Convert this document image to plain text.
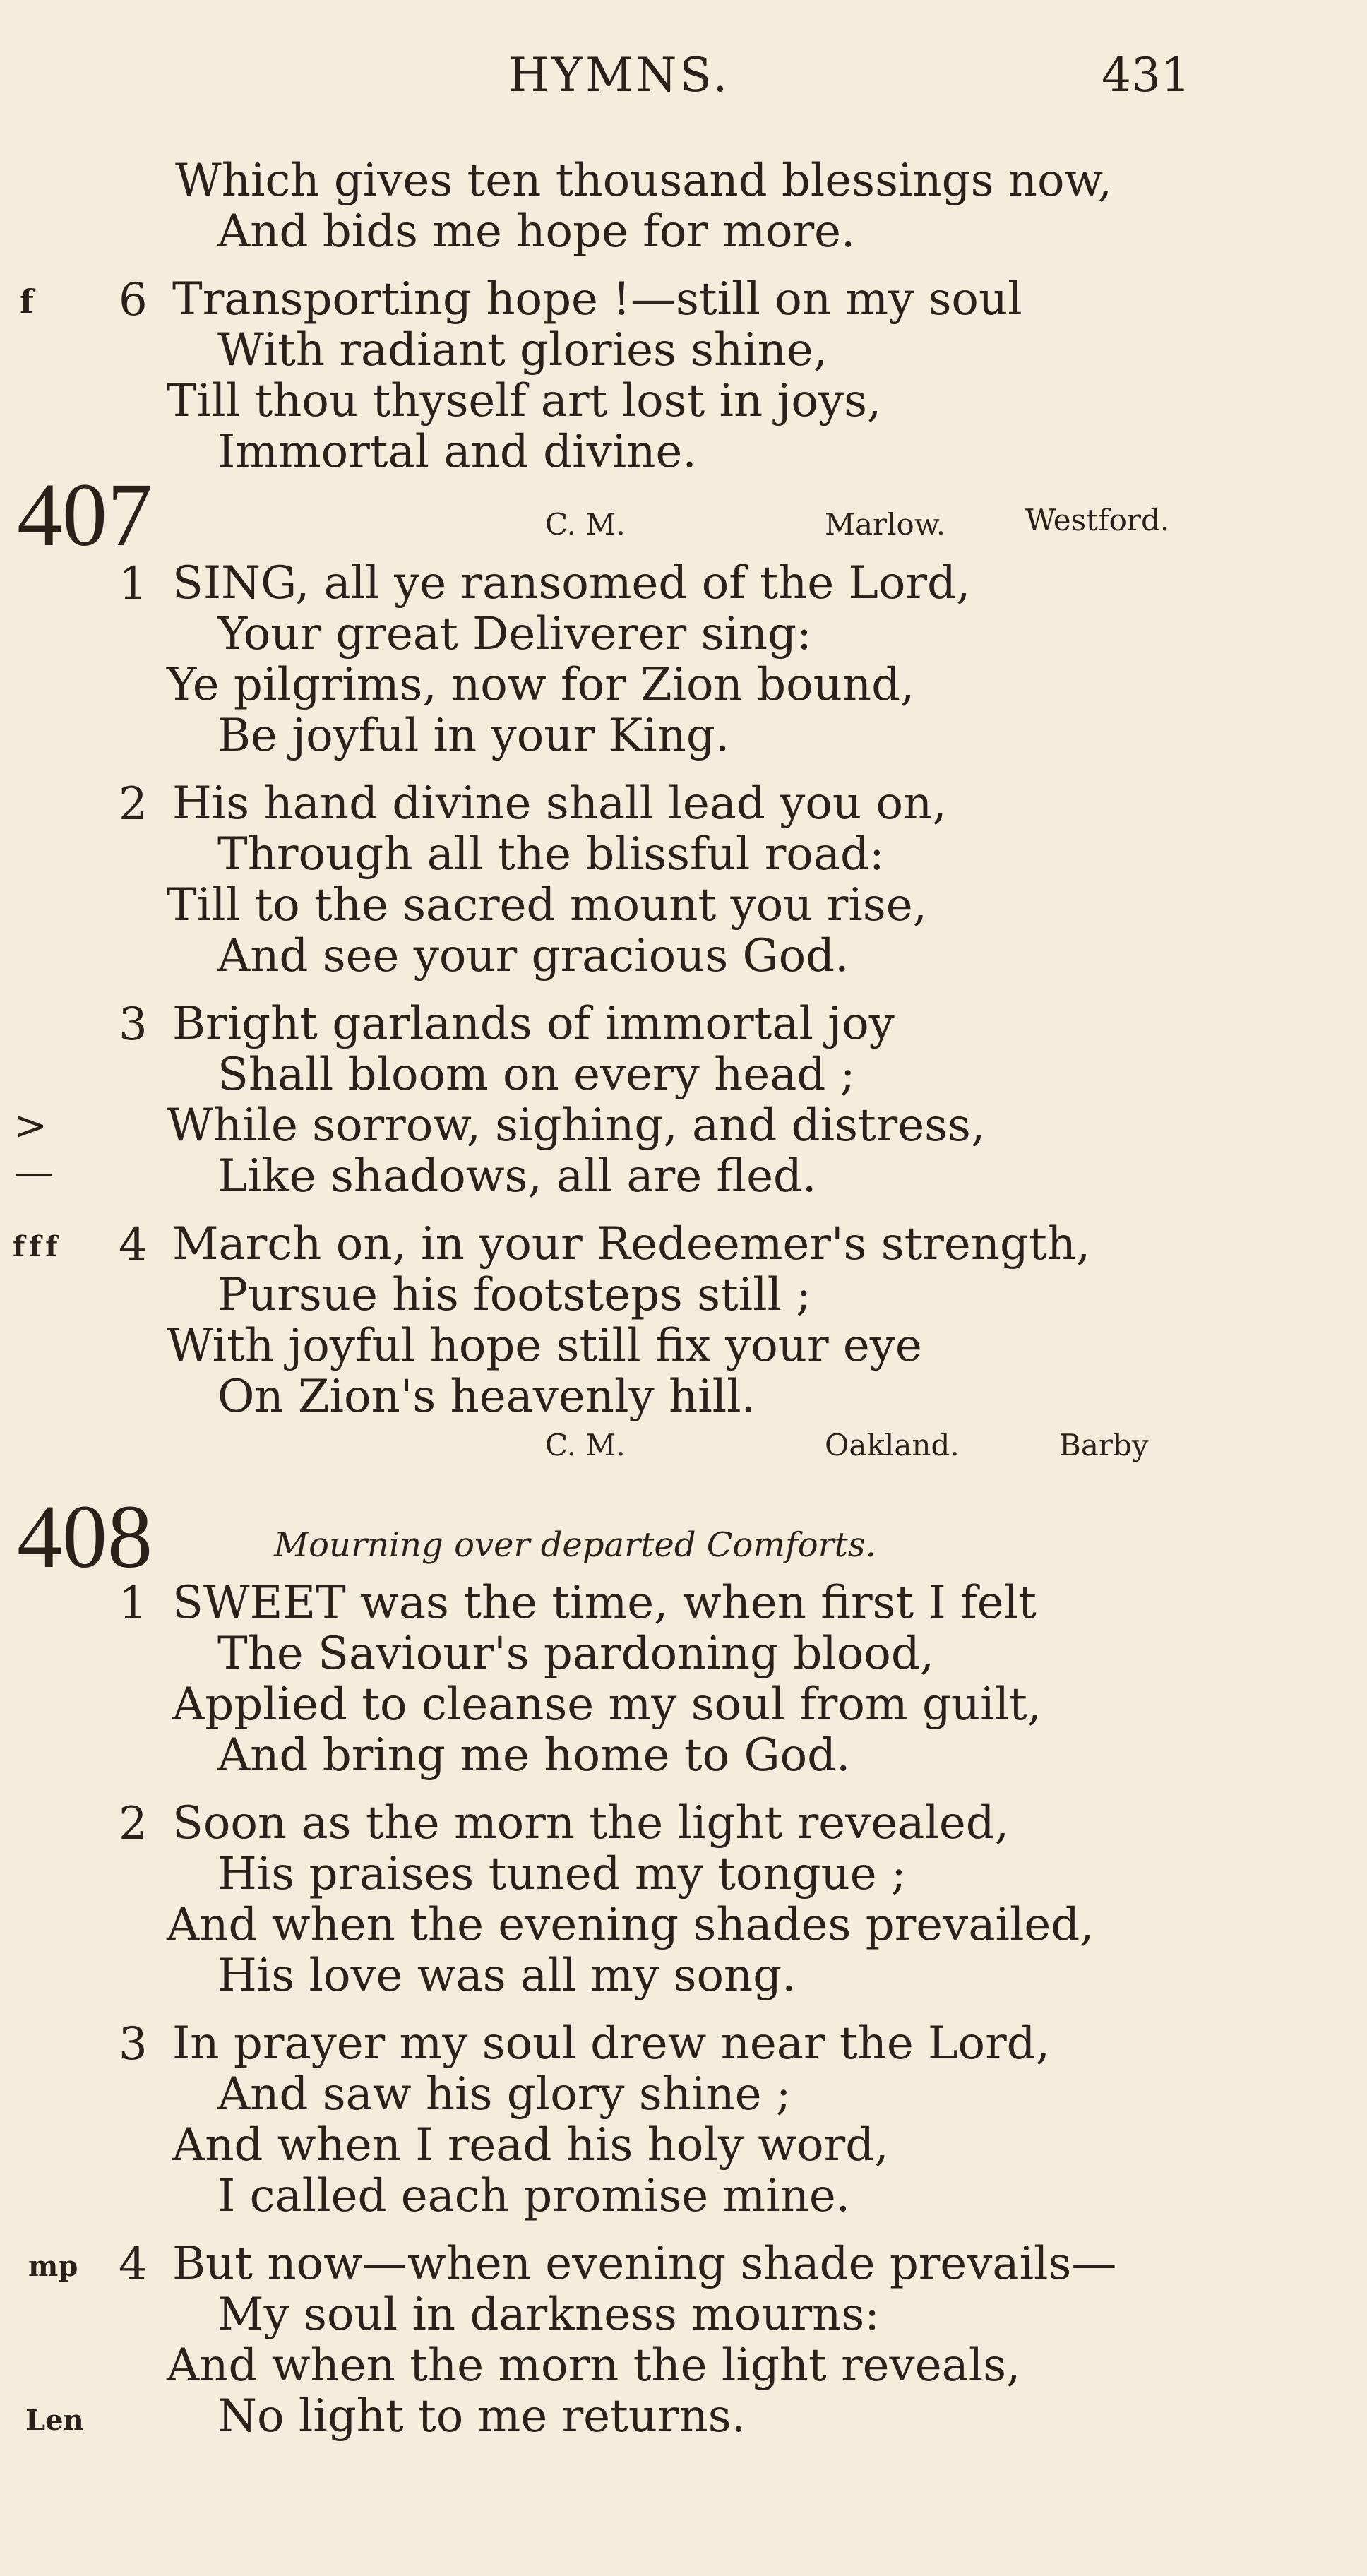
HYMNS.	431
Which gives ten thousand blessings now,
And bids me hope for more.
f 6 Transporting hope !—still on my soul
With radiant glories shine,
Till thou thyself art lost in joys,
Immortal and divine.
407	C. M.	Marlow.	Westford.
1 SING, all ye ransomed of the Lord,
Your great Deliverer sing:
Ye pilgrims, now for Zion bound,
Be joyful in your King.
2 His hand divine shall lead you on,
Through all the blissful road:
Till to the sacred mount you rise,
And see your gracious God.
3 Bright garlands of immortal joy
Shall bloom on every head ;
>	While sorrow, sighing, and distress,
—	Like shadows, all are fled.
f f f 4 March on, in your Redeemer's strength,
Pursue his footsteps still ;
With joyful hope still fix your eye
On Zion's heavenly hill.
C. M.	Oakland.	Barby
408	Mourning over departed Comforts.
1 SWEET was the time, when first I felt
The Saviour's pardoning blood,
Applied to cleanse my soul from guilt,
And bring me home to God.
2 Soon as the morn the light revealed,
His praises tuned my tongue ;
And when the evening shades prevailed,
His love was all my song.
3 In prayer my soul drew near the Lord,
And saw his glory shine ;
And when I read his holy word,
I called each promise mine.
mp 4 But now—when evening shade prevails—
My soul in darkness mourns:
And when the morn the light reveals,
Len	No light to me returns.
